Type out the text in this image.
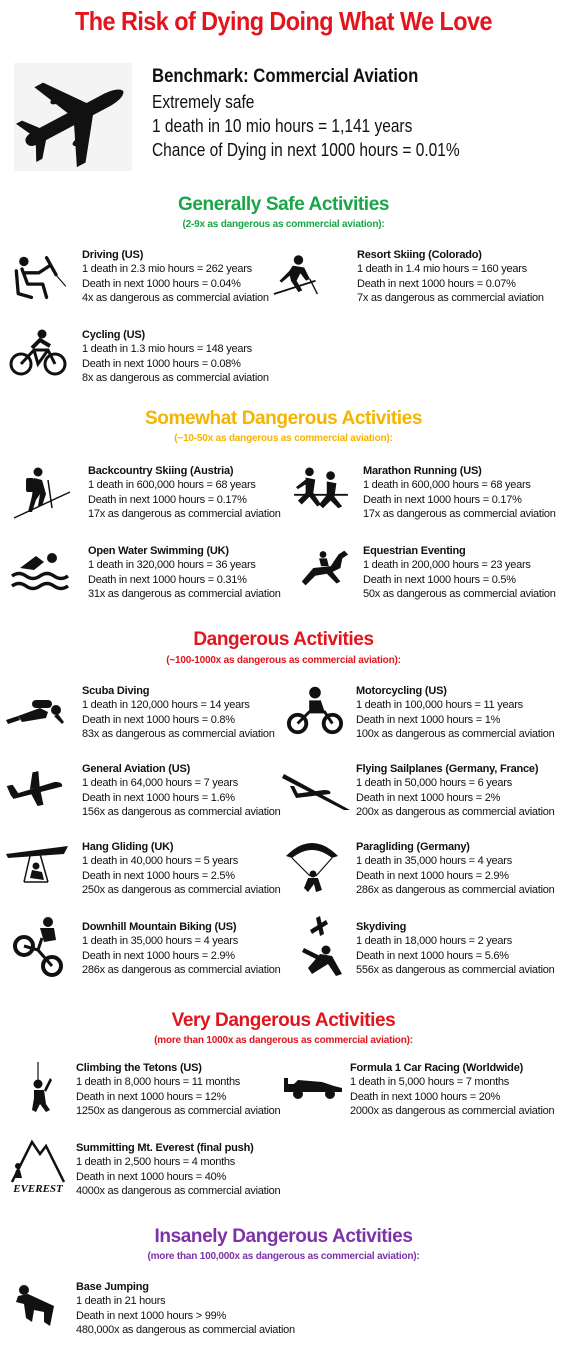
The Risk of Dying Doing What We Love
Benchmark: Commercial Aviation
Extremely safe
1 death in 10 mio hours = 1,141 years
Chance of Dying in next 1000 hours = 0.01%
Generally Safe Activities
(2-9x as dangerous as commercial aviation):
Somewhat Dangerous Activities
(~10-50x as dangerous as commercial aviation):
Dangerous Activities
(~100-1000x as dangerous as commercial aviation):
Very Dangerous Activities
(more than 1000x as dangerous as commercial aviation):
Insanely Dangerous Activities
(more than 100,000x as dangerous as commercial aviation):
Driving (US)
1 death in 2.3 mio hours = 262 years
Death in next 1000 hours = 0.04%
4x as dangerous as commercial aviation
Resort Skiing (Colorado)
1 death in 1.4 mio hours = 160 years
Death in next 1000 hours = 0.07%
7x as dangerous as commercial aviation
Cycling (US)
1 death in 1.3 mio hours = 148 years
Death in next 1000 hours = 0.08%
8x as dangerous as commercial aviation
Backcountry Skiing (Austria)
1 death in 600,000 hours = 68 years
Death in next 1000 hours = 0.17%
17x as dangerous as commercial aviation
Marathon Running (US)
1 death in 600,000 hours = 68 years
Death in next 1000 hours = 0.17%
17x as dangerous as commercial aviation
Open Water Swimming (UK)
1 death in 320,000 hours = 36 years
Death in next 1000 hours = 0.31%
31x as dangerous as commercial aviation
Equestrian Eventing
1 death in 200,000 hours = 23 years
Death in next 1000 hours = 0.5%
50x as dangerous as commercial aviation
Scuba Diving
1 death in 120,000 hours = 14 years
Death in next 1000 hours = 0.8%
83x as dangerous as commercial aviation
Motorcycling (US)
1 death in 100,000 hours = 11 years
Death in next 1000 hours = 1%
100x as dangerous as commercial aviation
General Aviation (US)
1 death in 64,000 hours = 7 years
Death in next 1000 hours = 1.6%
156x as dangerous as commercial aviation
Flying Sailplanes (Germany, France)
1 death in 50,000 hours = 6 years
Death in next 1000 hours = 2%
200x as dangerous as commercial aviation
Hang Gliding (UK)
1 death in 40,000 hours = 5 years
Death in next 1000 hours = 2.5%
250x as dangerous as commercial aviation
Paragliding (Germany)
1 death in 35,000 hours = 4 years
Death in next 1000 hours = 2.9%
286x as dangerous as commercial aviation
Downhill Mountain Biking (US)
1 death in 35,000 hours = 4 years
Death in next 1000 hours = 2.9%
286x as dangerous as commercial aviation
Skydiving
1 death in 18,000 hours = 2 years
Death in next 1000 hours = 5.6%
556x as dangerous as commercial aviation
Climbing the Tetons (US)
1 death in 8,000 hours = 11 months
Death in next 1000 hours = 12%
1250x as dangerous as commercial aviation
Formula 1 Car Racing (Worldwide)
1 death in 5,000 hours = 7 months
Death in next 1000 hours = 20%
2000x as dangerous as commercial aviation
EVEREST
Summitting Mt. Everest (final push)
1 death in 2,500 hours = 4 months
Death in next 1000 hours = 40%
4000x as dangerous as commercial aviation
Base Jumping
1 death in 21 hours
Death in next 1000 hours > 99%
480,000x as dangerous as commercial aviation
